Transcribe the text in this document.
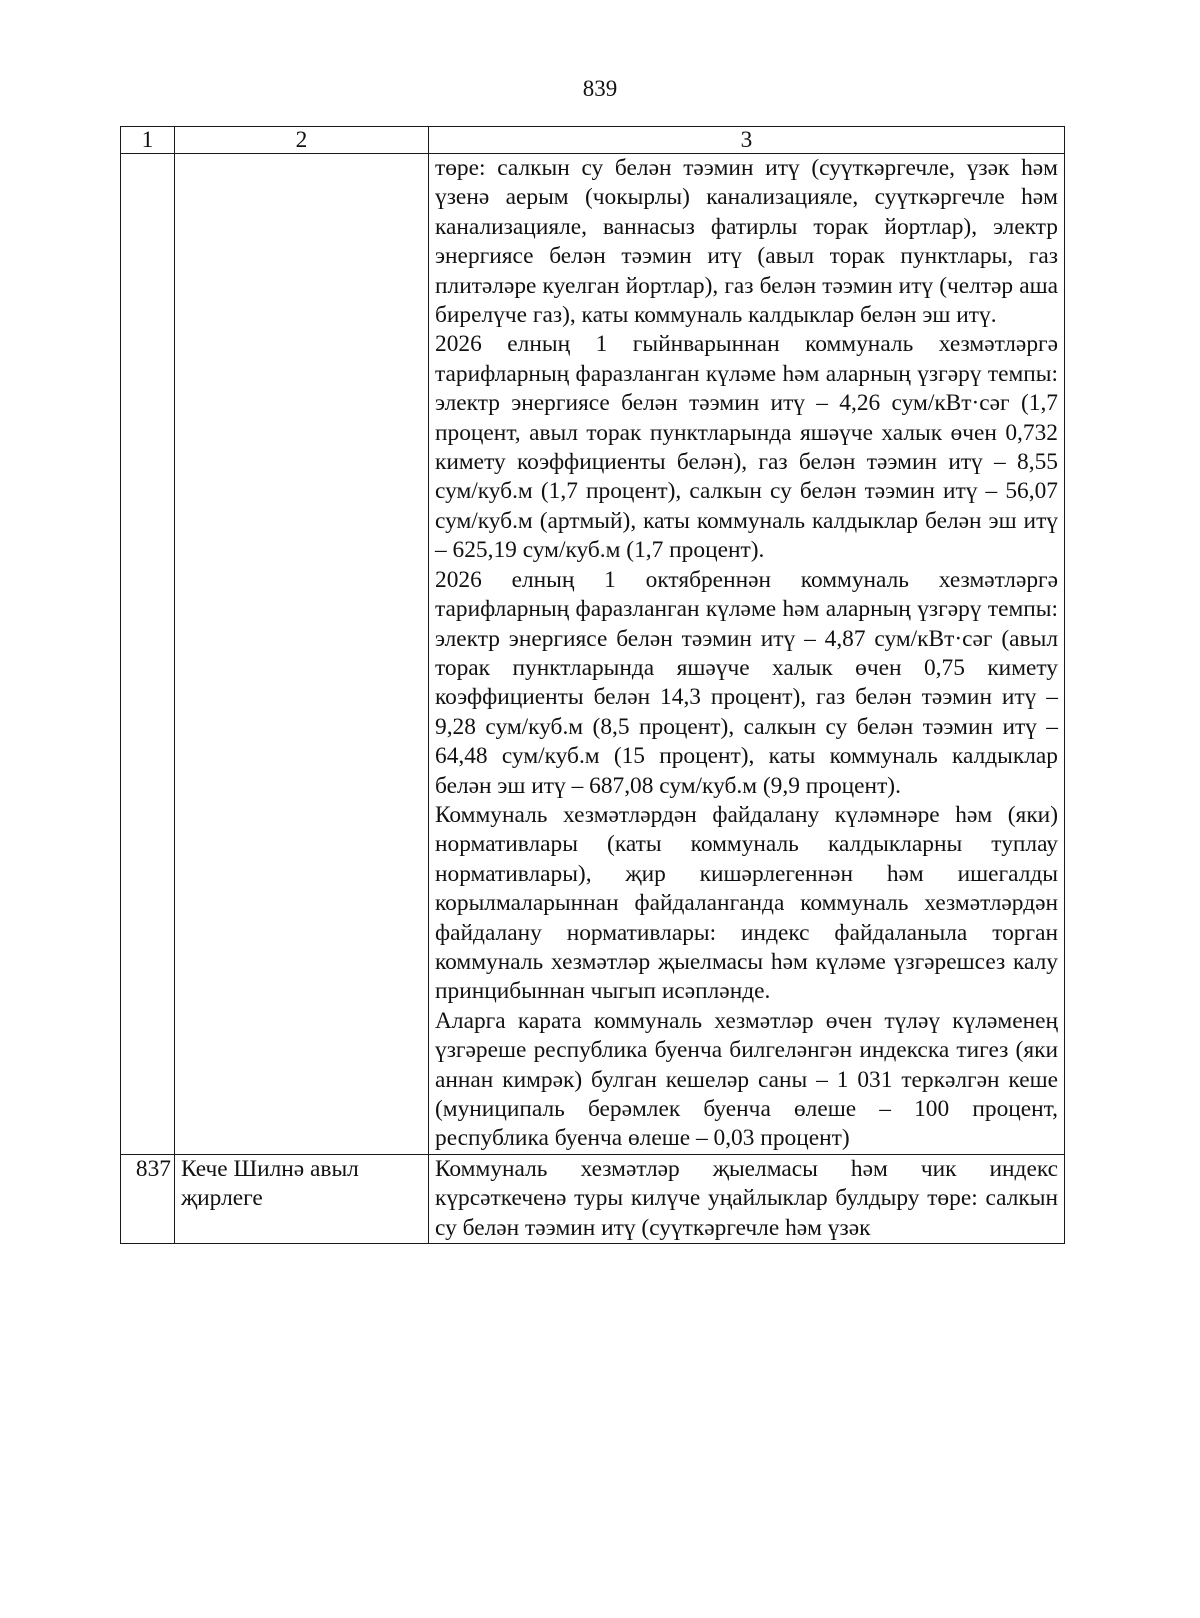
839
1	2	3

		төре: салкын су белән тәэмин итү (суүткәргечле, үзәк һәм үзенә аерым (чокырлы) канализацияле, суүткәргечле һәм канализацияле, ваннасыз фатирлы торак йортлар), электр энергиясе белән тәэмин итү (авыл торак пунктлары, газ плитәләре куелган йортлар), газ белән тәэмин итү (челтәр аша бирелүче газ), каты коммуналь калдыклар белән эш итү.

2026 елның 1 гыйнварыннан коммуналь хезмәтләргә тарифларның фаразланган күләме һәм аларның үзгәрү темпы: электр энергиясе белән тәэмин итү – 4,26 сум/кВт·сәг (1,7 процент, авыл торак пунктларында яшәүче халык өчен 0,732 кимету коэффициенты белән), газ белән тәэмин итү – 8,55 сум/куб.м (1,7 процент), салкын су белән тәэмин итү – 56,07 сум/куб.м (артмый), каты коммуналь калдыклар белән эш итү – 625,19 сум/куб.м (1,7 процент).

2026 елның 1 октябреннән коммуналь хезмәтләргә тарифларның фаразланган күләме һәм аларның үзгәрү темпы: электр энергиясе белән тәэмин итү – 4,87 сум/кВт·сәг (авыл торак пунктларында яшәүче халык өчен 0,75 кимету коэффициенты белән 14,3 процент), газ белән тәэмин итү – 9,28 сум/куб.м (8,5 процент), салкын су белән тәэмин итү – 64,48 сум/куб.м (15 процент), каты коммуналь калдыклар белән эш итү – 687,08 сум/куб.м (9,9 процент).

Коммуналь хезмәтләрдән файдалану күләмнәре һәм (яки) нормативлары (каты коммуналь калдыкларны туплау нормативлары), җир кишәрлегеннән һәм ишегалды корылмаларыннан файдаланганда коммуналь хезмәтләрдән файдалану нормативлары: индекс файдаланыла торган коммуналь хезмәтләр җыелмасы һәм күләме үзгәрешсез калу принцибыннан чыгып исәпләнде.

Аларга карата коммуналь хезмәтләр өчен түләү күләменең үзгәреше республика буенча билгеләнгән индекска тигез (яки аннан кимрәк) булган кешеләр саны – 1 031 теркәлгән кеше (муниципаль берәмлек буенча өлеше – 100 процент, республика буенча өлеше – 0,03 процент)

837	Кече Шилнә авыл җирлеге	Коммуналь хезмәтләр җыелмасы һәм чик индекс күрсәткеченә туры килүче уңайлыклар булдыру төре: салкын су белән тәэмин итү (суүткәргечле һәм үзәк
